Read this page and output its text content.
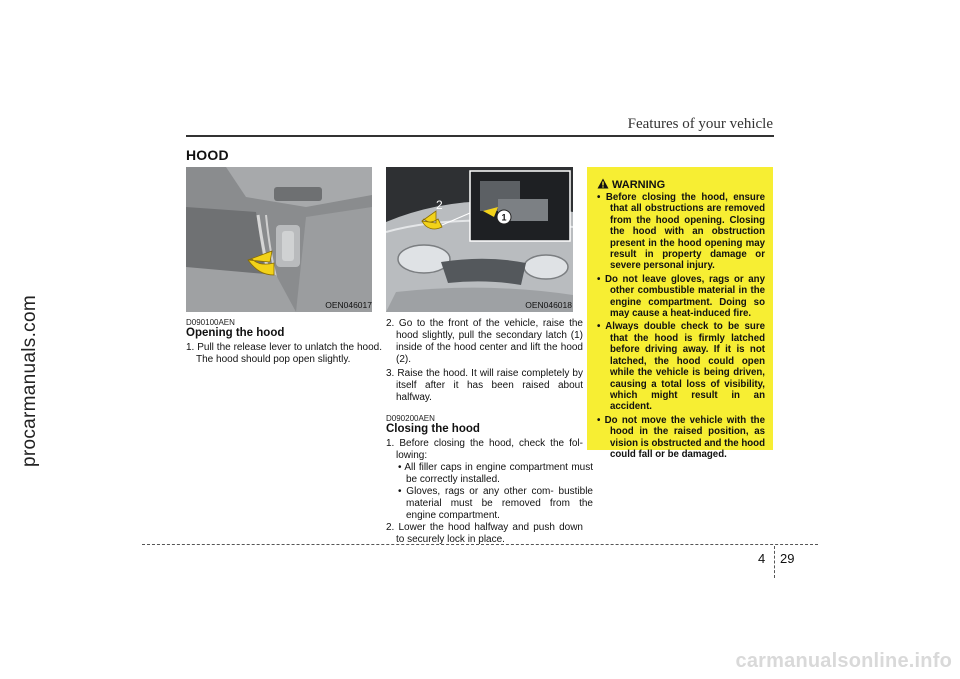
procarmanuals.com
carmanualsonline.info
Features of your vehicle
HOOD
OEN046017
1
2
OEN046018
D090100AEN
Opening the hood
1. Pull the release lever to unlatch the hood. The hood should pop open slightly.
2. Go to the front of the vehicle, raise the hood slightly, pull the secondary latch (1) inside of the hood center and lift the hood (2).
3. Raise the hood. It will raise completely by itself after it has been raised about halfway.
D090200AEN
Closing the hood
1. Before closing the hood, check the fol- lowing:
• All filler caps in engine compartment must be correctly installed.
• Gloves, rags or any other com- bustible material must be removed from the engine compartment.
2. Lower the hood halfway and push down to securely lock in place.
WARNING
• Before closing the hood, ensure that all obstructions are removed from the hood opening. Closing the hood with an obstruction present in the hood opening may result in property damage or severe personal injury.
• Do not leave gloves, rags or any other combustible material in the engine compartment. Doing so may cause a heat-induced fire.
• Always double check to be sure that the hood is firmly latched before driving away. If it is not latched, the hood could open while the vehicle is being driven, causing a total loss of visibility, which might result in an accident.
• Do not move the vehicle with the hood in the raised position, as vision is obstructed and the hood could fall or be damaged.
4 29
